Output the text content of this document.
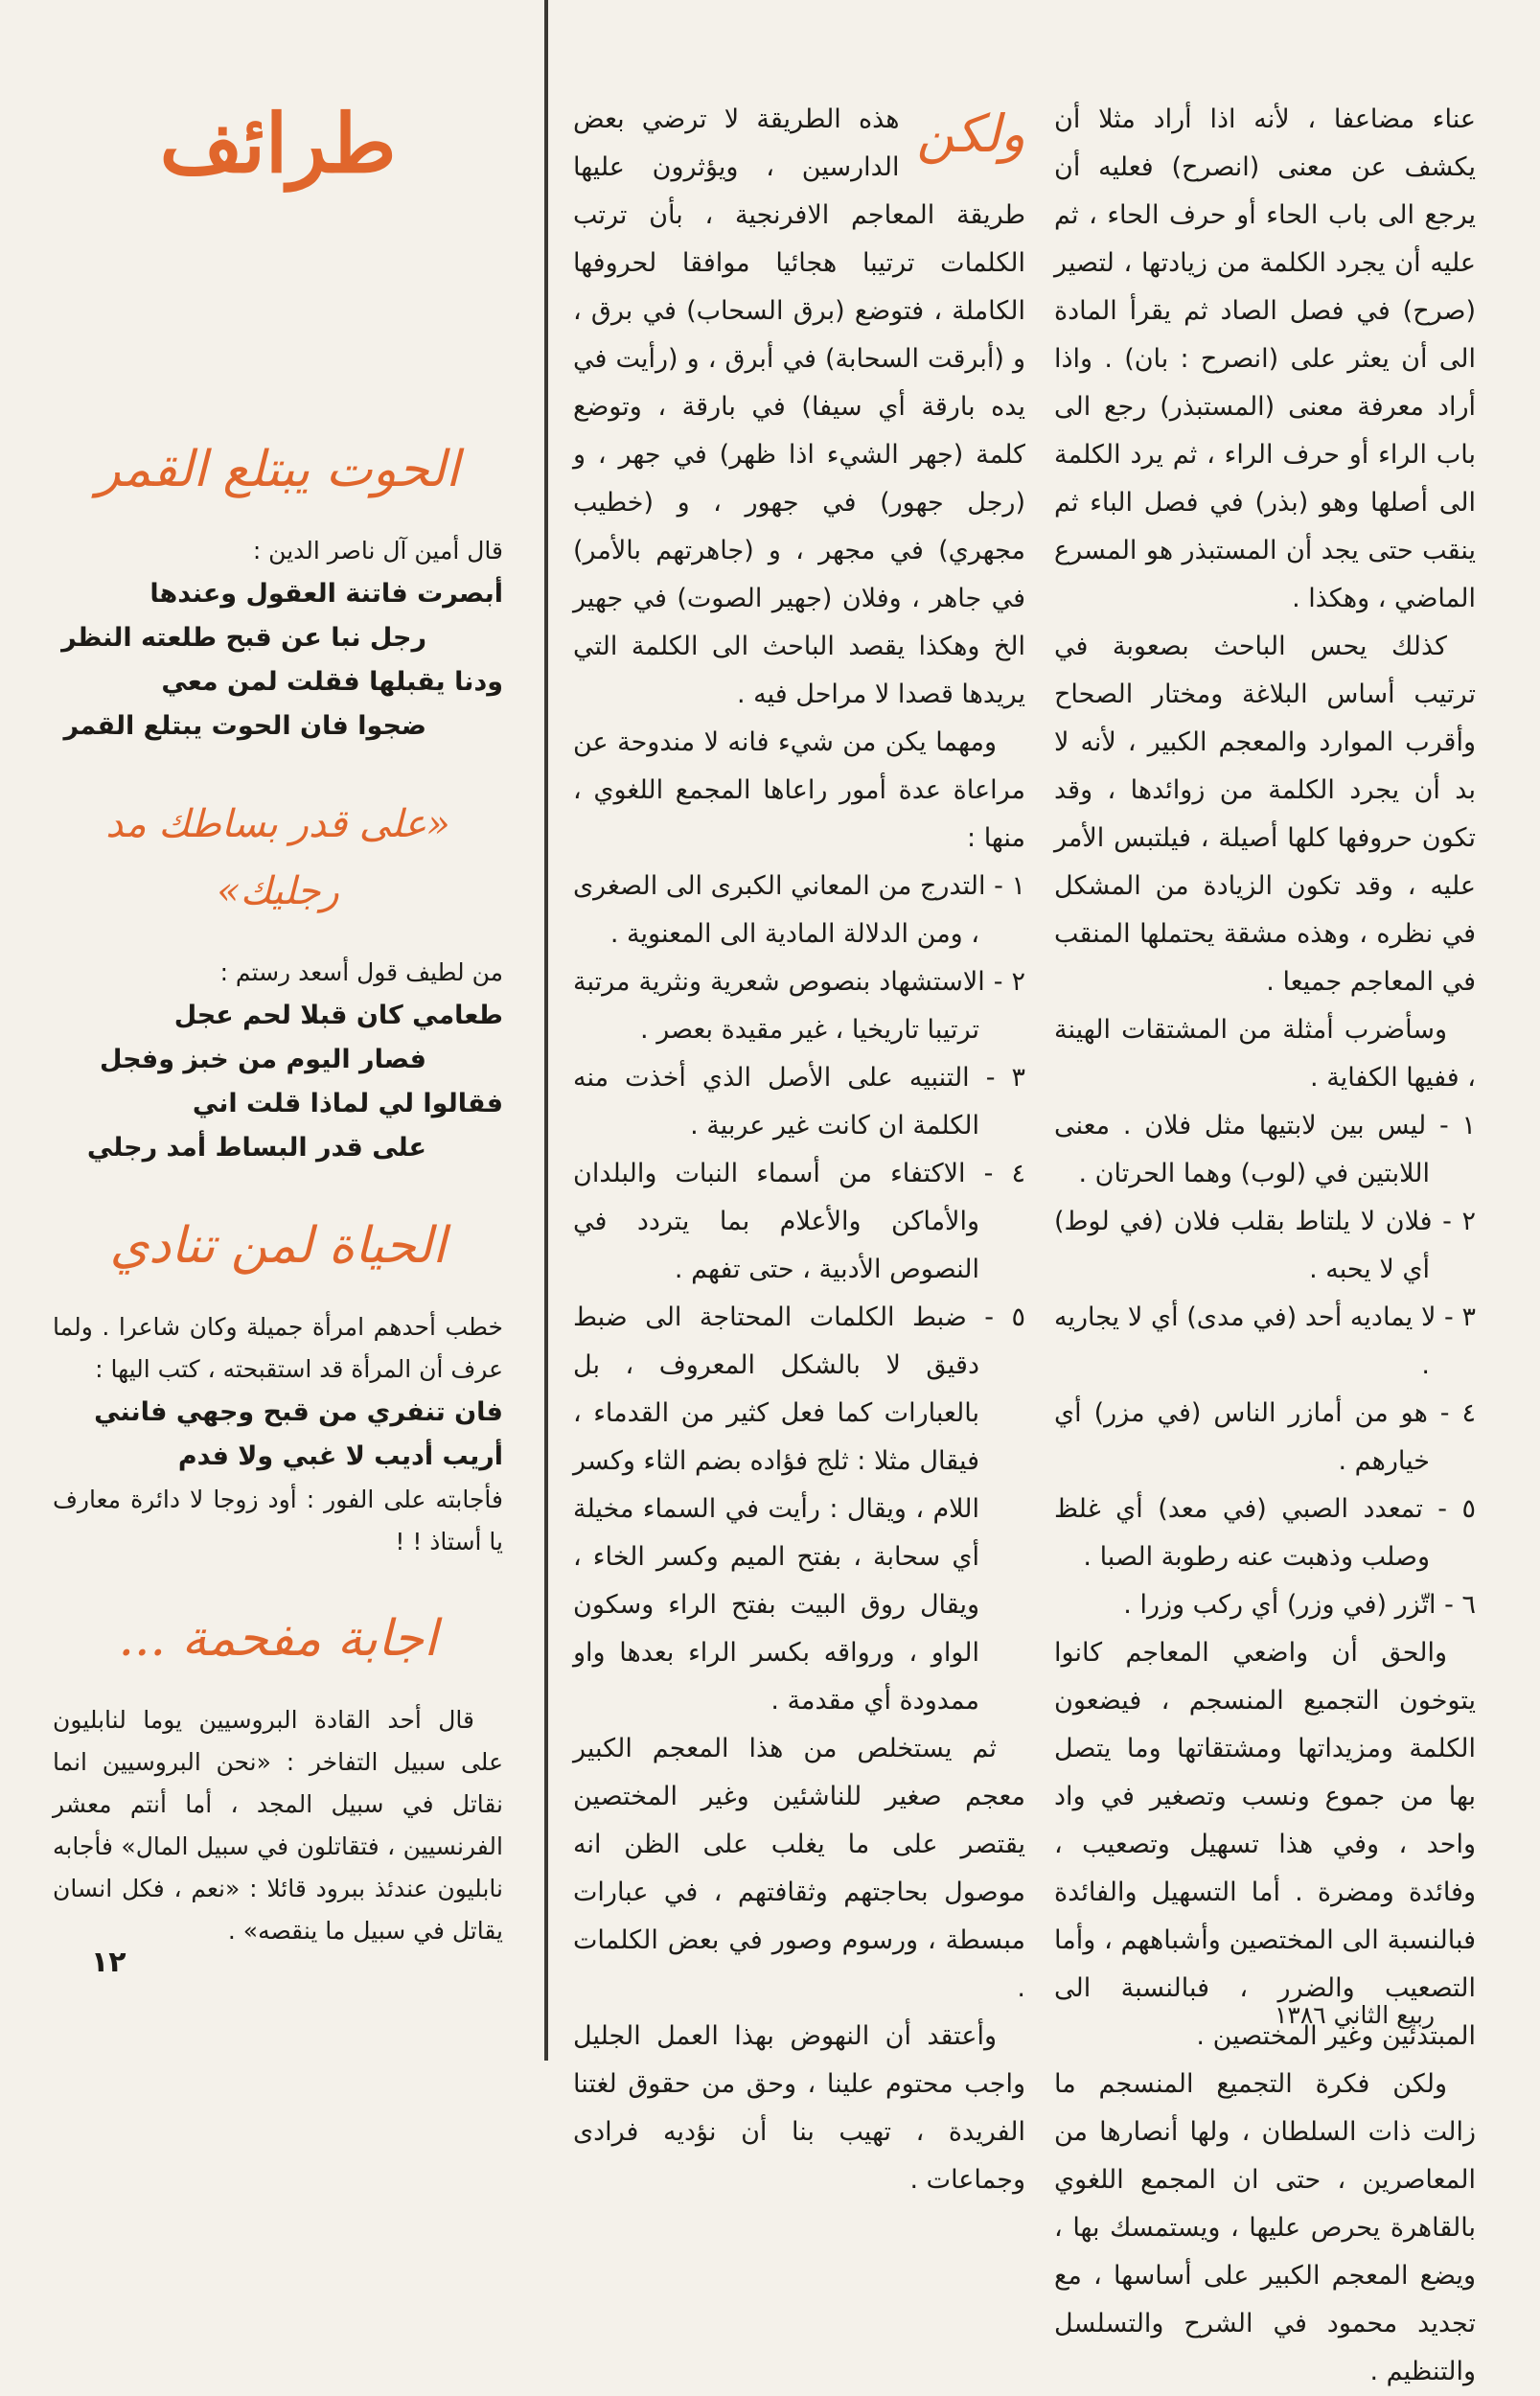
عناء مضاعفا ، لأنه اذا أراد مثلا أن يكشف عن معنى (انصرح) فعليه أن يرجع الى باب الحاء أو حرف الحاء ، ثم عليه أن يجرد الكلمة من زيادتها ، لتصير (صرح) في فصل الصاد ثم يقرأ المادة الى أن يعثر على (انصرح : بان) . واذا أراد معرفة معنى (المستبذر) رجع الى باب الراء أو حرف الراء ، ثم يرد الكلمة الى أصلها وهو (بذر) في فصل الباء ثم ينقب حتى يجد أن المستبذر هو المسرع الماضي ، وهكذا .

كذلك يحس الباحث بصعوبة في ترتيب أساس البلاغة ومختار الصحاح وأقرب الموارد والمعجم الكبير ، لأنه لا بد أن يجرد الكلمة من زوائدها ، وقد تكون حروفها كلها أصيلة ، فيلتبس الأمر عليه ، وقد تكون الزيادة من المشكل في نظره ، وهذه مشقة يحتملها المنقب في المعاجم جميعا .

وسأضرب أمثلة من المشتقات الهينة ، ففيها الكفاية .

١ - ليس بين لابتيها مثل فلان . معنى اللابتين في (لوب) وهما الحرتان .

٢ - فلان لا يلتاط بقلب فلان (في لوط) أي لا يحبه .

٣ - لا يماديه أحد (في مدى) أي لا يجاريه .

٤ - هو من أمازر الناس (في مزر) أي خيارهم .

٥ - تمعدد الصبي (في معد) أي غلظ وصلب وذهبت عنه رطوبة الصبا .

٦ - اتّزر (في وزر) أي ركب وزرا .

والحق أن واضعي المعاجم كانوا يتوخون التجميع المنسجم ، فيضعون الكلمة ومزيداتها ومشتقاتها وما يتصل بها من جموع ونسب وتصغير في واد واحد ، وفي هذا تسهيل وتصعيب ، وفائدة ومضرة . أما التسهيل والفائدة فبالنسبة الى المختصين وأشباههم ، وأما التصعيب والضرر ، فبالنسبة الى المبتدئين وغير المختصين .

ولكن فكرة التجميع المنسجم ما زالت ذات السلطان ، ولها أنصارها من المعاصرين ، حتى ان المجمع اللغوي بالقاهرة يحرص عليها ، ويستمسك بها ، ويضع المعجم الكبير على أساسها ، مع تجديد محمود في الشرح والتسلسل والتنظيم .

ولكن
هذه الطريقة لا ترضي بعض الدارسين ، ويؤثرون عليها طريقة المعاجم الافرنجية ، بأن ترتب الكلمات ترتيبا هجائيا موافقا لحروفها الكاملة ، فتوضع (برق السحاب) في برق ، و (أبرقت السحابة) في أبرق ، و (رأيت في يده بارقة أي سيفا) في بارقة ، وتوضع كلمة (جهر الشيء اذا ظهر) في جهر ، و (رجل جهور) في جهور ، و (خطيب مجهري) في مجهر ، و (جاهرتهم بالأمر) في جاهر ، وفلان (جهير الصوت) في جهير الخ وهكذا يقصد الباحث الى الكلمة التي يريدها قصدا لا مراحل فيه .

ومهما يكن من شيء فانه لا مندوحة عن مراعاة عدة أمور راعاها المجمع اللغوي ، منها :

١ - التدرج من المعاني الكبرى الى الصغرى ، ومن الدلالة المادية الى المعنوية .

٢ - الاستشهاد بنصوص شعرية ونثرية مرتبة ترتيبا تاريخيا ، غير مقيدة بعصر .

٣ - التنبيه على الأصل الذي أخذت منه الكلمة ان كانت غير عربية .

٤ - الاكتفاء من أسماء النبات والبلدان والأماكن والأعلام بما يتردد في النصوص الأدبية ، حتى تفهم .

٥ - ضبط الكلمات المحتاجة الى ضبط دقيق لا بالشكل المعروف ، بل بالعبارات كما فعل كثير من القدماء ، فيقال مثلا : ثلج فؤاده بضم الثاء وكسر اللام ، ويقال : رأيت في السماء مخيلة أي سحابة ، بفتح الميم وكسر الخاء ، ويقال روق البيت بفتح الراء وسكون الواو ، ورواقه بكسر الراء بعدها واو ممدودة أي مقدمة .

ثم يستخلص من هذا المعجم الكبير معجم صغير للناشئين وغير المختصين يقتصر على ما يغلب على الظن انه موصول بحاجتهم وثقافتهم ، في عبارات مبسطة ، ورسوم وصور في بعض الكلمات .

وأعتقد أن النهوض بهذا العمل الجليل واجب محتوم علينا ، وحق من حقوق لغتنا الفريدة ، تهيب بنا أن نؤديه فرادى وجماعات .

طرائف
الحوت يبتلع القمر

قال أمين آل ناصر الدين :

أبصرت فاتنة العقول وعندها
رجل نبا عن قبح طلعته النظر
ودنا يقبلها فقلت لمن معي
ضجوا فان الحوت يبتلع القمر
«على قدر بساطك مد رجليك»

من لطيف قول أسعد رستم :

طعامي كان قبلا لحم عجل
فصار اليوم من خبز وفجل
فقالوا لي لماذا قلت اني
على قدر البساط أمد رجلي
الحياة لمن تنادي

خطب أحدهم امرأة جميلة وكان شاعرا . ولما عرف أن المرأة قد استقبحته ، كتب اليها :

فان تنفري من قبح وجهي فانني
أريب أديب لا غبي ولا فدم

فأجابته على الفور : أود زوجا لا دائرة معارف يا أستاذ ! !

اجابة مفحمة ...

قال أحد القادة البروسيين يوما لنابليون على سبيل التفاخر : «نحن البروسيين انما نقاتل في سبيل المجد ، أما أنتم معشر الفرنسيين ، فتقاتلون في سبيل المال» فأجابه نابليون عندئذ ببرود قائلا : «نعم ، فكل انسان يقاتل في سبيل ما ينقصه» .

١٢
ربيع الثاني ١٣٨٦
